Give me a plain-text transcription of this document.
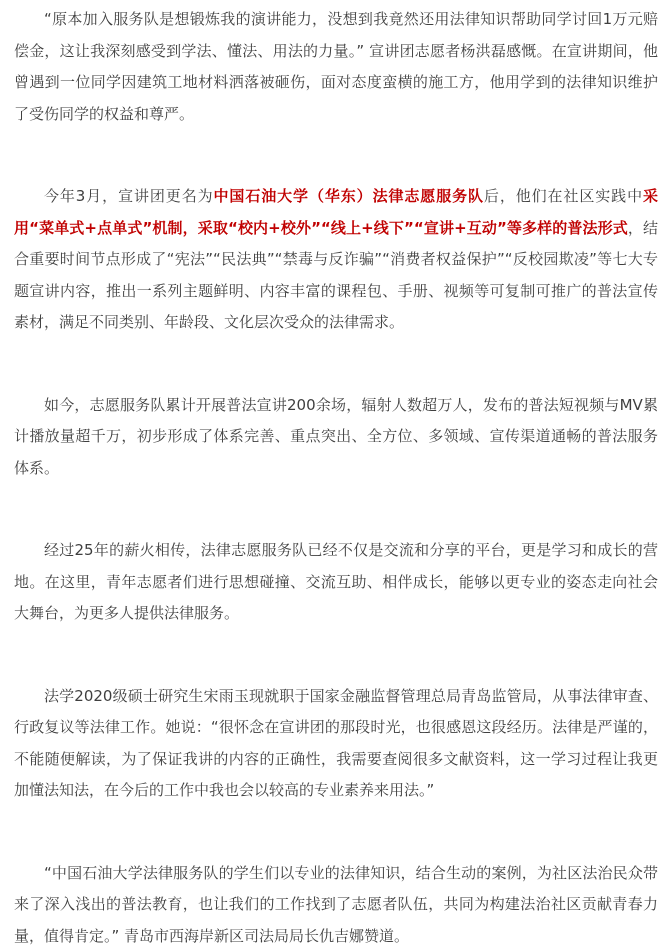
“原本加入服务队是想锻炼我的演讲能力，没想到我竟然还用法律知识帮助同学讨回1万元赔偿金，这让我深刻感受到学法、懂法、用法的力量。” 宣讲团志愿者杨洪磊感慨。在宣讲期间，他曾遇到一位同学因建筑工地材料洒落被砸伤，面对态度蛮横的施工方，他用学到的法律知识维护了受伤同学的权益和尊严。

今年3月，宣讲团更名为中国石油大学（华东）法律志愿服务队后，他们在社区实践中采用“菜单式+点单式”机制，采取“校内+校外”“线上+线下”“宣讲+互动”等多样的普法形式，结合重要时间节点形成了“宪法”“民法典”“禁毒与反诈骗”“消费者权益保护”“反校园欺凌”等七大专题宣讲内容，推出一系列主题鲜明、内容丰富的课程包、手册、视频等可复制可推广的普法宣传素材，满足不同类别、年龄段、文化层次受众的法律需求。

如今，志愿服务队累计开展普法宣讲200余场，辐射人数超万人，发布的普法短视频与MV累计播放量超千万，初步形成了体系完善、重点突出、全方位、多领域、宣传渠道通畅的普法服务体系。

经过25年的薪火相传，法律志愿服务队已经不仅是交流和分享的平台，更是学习和成长的营地。在这里，青年志愿者们进行思想碰撞、交流互助、相伴成长，能够以更专业的姿态走向社会大舞台，为更多人提供法律服务。

法学2020级硕士研究生宋雨玉现就职于国家金融监督管理总局青岛监管局，从事法律审查、行政复议等法律工作。她说：“很怀念在宣讲团的那段时光，也很感恩这段经历。法律是严谨的，不能随便解读，为了保证我讲的内容的正确性，我需要查阅很多文献资料，这一学习过程让我更加懂法知法，在今后的工作中我也会以较高的专业素养来用法。”

“中国石油大学法律服务队的学生们以专业的法律知识，结合生动的案例，为社区法治民众带来了深入浅出的普法教育，也让我们的工作找到了志愿者队伍，共同为构建法治社区贡献青春力量，值得肯定。” 青岛市西海岸新区司法局局长仇吉娜赞道。
